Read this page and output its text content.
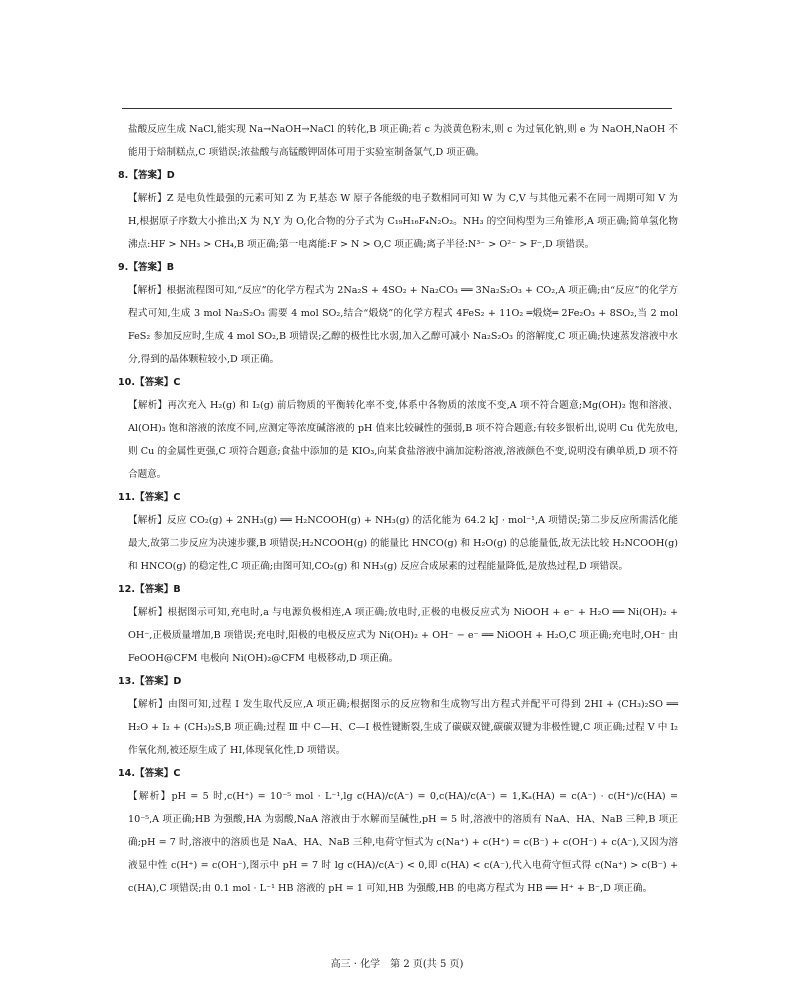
盐酸反应生成 NaCl,能实现 Na→NaOH→NaCl 的转化,B 项正确;若 c 为淡黄色粉末,则 c 为过氧化钠,则 e 为 NaOH,NaOH 不能用于焙制糕点,C 项错误;浓盐酸与高锰酸钾固体可用于实验室制备氯气,D 项正确。

8.【答案】D

【解析】Z 是电负性最强的元素可知 Z 为 F,基态 W 原子各能级的电子数相同可知 W 为 C,V 与其他元素不在同一周期可知 V 为 H,根据原子序数大小推出;X 为 N,Y 为 O,化合物的分子式为 C₁₉H₁₆F₄N₂O₂。NH₃ 的空间构型为三角锥形,A 项正确;简单氢化物沸点:HF > NH₃ > CH₄,B 项正确;第一电离能:F > N > O,C 项正确;离子半径:N³⁻ > O²⁻ > F⁻,D 项错误。

9.【答案】B

【解析】根据流程图可知,“反应”的化学方程式为 2Na₂S + 4SO₂ + Na₂CO₃ ══ 3Na₂S₂O₃ + CO₂,A 项正确;由“反应”的化学方程式可知,生成 3 mol Na₂S₂O₃ 需要 4 mol SO₂,结合“煅烧”的化学方程式 4FeS₂ + 11O₂ ═煅烧═ 2Fe₂O₃ + 8SO₂,当 2 mol FeS₂ 参加反应时,生成 4 mol SO₂,B 项错误;乙醇的极性比水弱,加入乙醇可减小 Na₂S₂O₃ 的溶解度,C 项正确;快速蒸发溶液中水分,得到的晶体颗粒较小,D 项正确。

10.【答案】C

【解析】再次充入 H₂(g) 和 I₂(g) 前后物质的平衡转化率不变,体系中各物质的浓度不变,A 项不符合题意;Mg(OH)₂ 饱和溶液、Al(OH)₃ 饱和溶液的浓度不同,应测定等浓度碱溶液的 pH 值来比较碱性的强弱,B 项不符合题意;有较多银析出,说明 Cu 优先放电,则 Cu 的金属性更强,C 项符合题意;食盐中添加的是 KIO₃,向某食盐溶液中滴加淀粉溶液,溶液颜色不变,说明没有碘单质,D 项不符合题意。

11.【答案】C

【解析】反应 CO₂(g) + 2NH₃(g) ══ H₂NCOOH(g) + NH₃(g) 的活化能为 64.2 kJ · mol⁻¹,A 项错误;第二步反应所需活化能最大,故第二步反应为决速步骤,B 项错误;H₂NCOOH(g) 的能量比 HNCO(g) 和 H₂O(g) 的总能量低,故无法比较 H₂NCOOH(g) 和 HNCO(g) 的稳定性,C 项正确;由图可知,CO₂(g) 和 NH₃(g) 反应合成尿素的过程能量降低,是放热过程,D 项错误。

12.【答案】B

【解析】根据图示可知,充电时,a 与电源负极相连,A 项正确;放电时,正极的电极反应式为 NiOOH + e⁻ + H₂O ══ Ni(OH)₂ + OH⁻,正极质量增加,B 项错误;充电时,阳极的电极反应式为 Ni(OH)₂ + OH⁻ − e⁻ ══ NiOOH + H₂O,C 项正确;充电时,OH⁻ 由 FeOOH@CFM 电极向 Ni(OH)₂@CFM 电极移动,D 项正确。

13.【答案】D

【解析】由图可知,过程 Ⅰ 发生取代反应,A 项正确;根据图示的反应物和生成物写出方程式并配平可得到 2HI + (CH₃)₂SO ══ H₂O + I₂ + (CH₃)₂S,B 项正确;过程 Ⅲ 中 C—H、C—I 极性键断裂,生成了碳碳双键,碳碳双键为非极性键,C 项正确;过程 Ⅴ 中 I₂ 作氧化剂,被还原生成了 HI,体现氧化性,D 项错误。

14.【答案】C

【解析】pH = 5 时,c(H⁺) = 10⁻⁵ mol · L⁻¹,lg c(HA)/c(A⁻) = 0,c(HA)/c(A⁻) = 1,Kₐ(HA) = c(A⁻) · c(H⁺)/c(HA) = 10⁻⁵,A 项正确;HB 为强酸,HA 为弱酸,NaA 溶液由于水解而呈碱性,pH = 5 时,溶液中的溶质有 NaA、HA、NaB 三种,B 项正确;pH = 7 时,溶液中的溶质也是 NaA、HA、NaB 三种,电荷守恒式为 c(Na⁺) + c(H⁺) = c(B⁻) + c(OH⁻) + c(A⁻),又因为溶液显中性 c(H⁺) = c(OH⁻),图示中 pH = 7 时 lg c(HA)/c(A⁻) < 0,即 c(HA) < c(A⁻),代入电荷守恒式得 c(Na⁺) > c(B⁻) + c(HA),C 项错误;由 0.1 mol · L⁻¹ HB 溶液的 pH = 1 可知,HB 为强酸,HB 的电离方程式为 HB ══ H⁺ + B⁻,D 项正确。

高三 · 化学　第 2 页(共 5 页)
